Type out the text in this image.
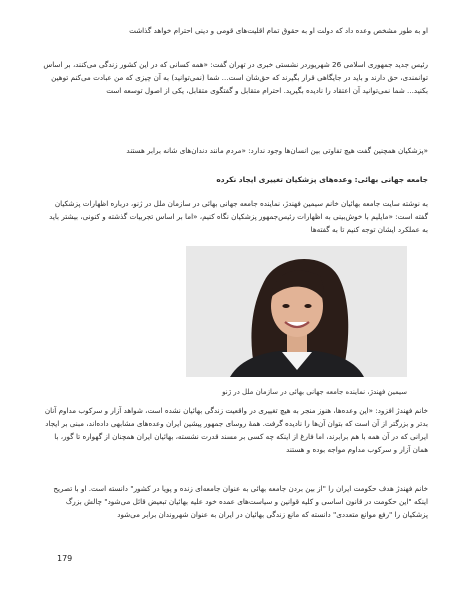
او به طور مشخص وعده داد که دولت او به حقوق تمام اقلیت‌های قومی و دینی احترام خواهد گذاشت

رئیس جدید جمهوری اسلامی 26 شهریوردر نشستی خبری در تهران گفت: «همه کسانی که در این کشور زندگی می‌کنند، بر اساس توانمندی، حق دارند و باید در جایگاهی قرار بگیرند که حق‌شان است... شما (نمی‌توانید) به آن چیزی که من عبادت می‌کنم توهین بکنید... شما نمی‌توانید آن اعتقاد را نادیده بگیرید. احترام متقابل و گفتگوی متقابل، یکی از اصول توسعه است

«پزشکیان همچنین گفت هیچ تفاوتی بین انسان‌ها وجود ندارد: «مردم مانند دندان‌های شانه برابر هستند

جامعه جهانی بهائی: وعده‌های پزشکیان تغییری ایجاد نکرده

به نوشته سایت جامعه بهائیان خانم سیمین فهندژ، نماینده جامعه جهانی بهائی در سازمان ملل در ژنو، درباره اظهارات پزشکیان گفته است: «مایلیم با خوش‌بینی به اظهارات رئیس‌جمهور پزشکیان نگاه کنیم، «اما بر اساس تجربیات گذشته و کنونی، بیشتر باید به عملکرد ایشان توجه کنیم تا به گفته‌ها

سیمین فهندژ، نماینده جامعه جهانی بهائی در سازمان ملل در ژنو

خانم فهندژ افزود: «این وعده‌ها، هنوز منجر به هیچ تغییری در واقعیت زندگی بهائیان نشده است، شواهد آزار و سرکوب مداوم آنان بدتر و بزرگتر از آن است که بتوان آن‌ها را نادیده گرفت. همهٔ روسای جمهور پیشین ایران وعده‌های مشابهی داده‌اند، مبنی بر ایجاد ایرانی که در آن همه با هم برابرند، اما فارغ از اینکه چه کسی بر مسند قدرت نشسته، بهائیان ایران همچنان از گهواره تا گور، با همان آزار و سرکوب مداوم مواجه بوده و هستند

خانم فهندژ هدف حکومت ایران را "از بین بردن جامعه بهائی به عنوان جامعه‌ای زنده و پویا در کشور" دانسته است. او با تصریح اینکه "این حکومت در قانون اساسی و کلیه قوانین و سیاست‌های عمده خود علیه بهائیان تبعیض قائل می‌شود" چالش بزرگ پزشکیان را "رفع موانع متعددی" دانسته که مانع زندگی بهائیان در ایران به عنوان شهروندان برابر می‌شود

179
